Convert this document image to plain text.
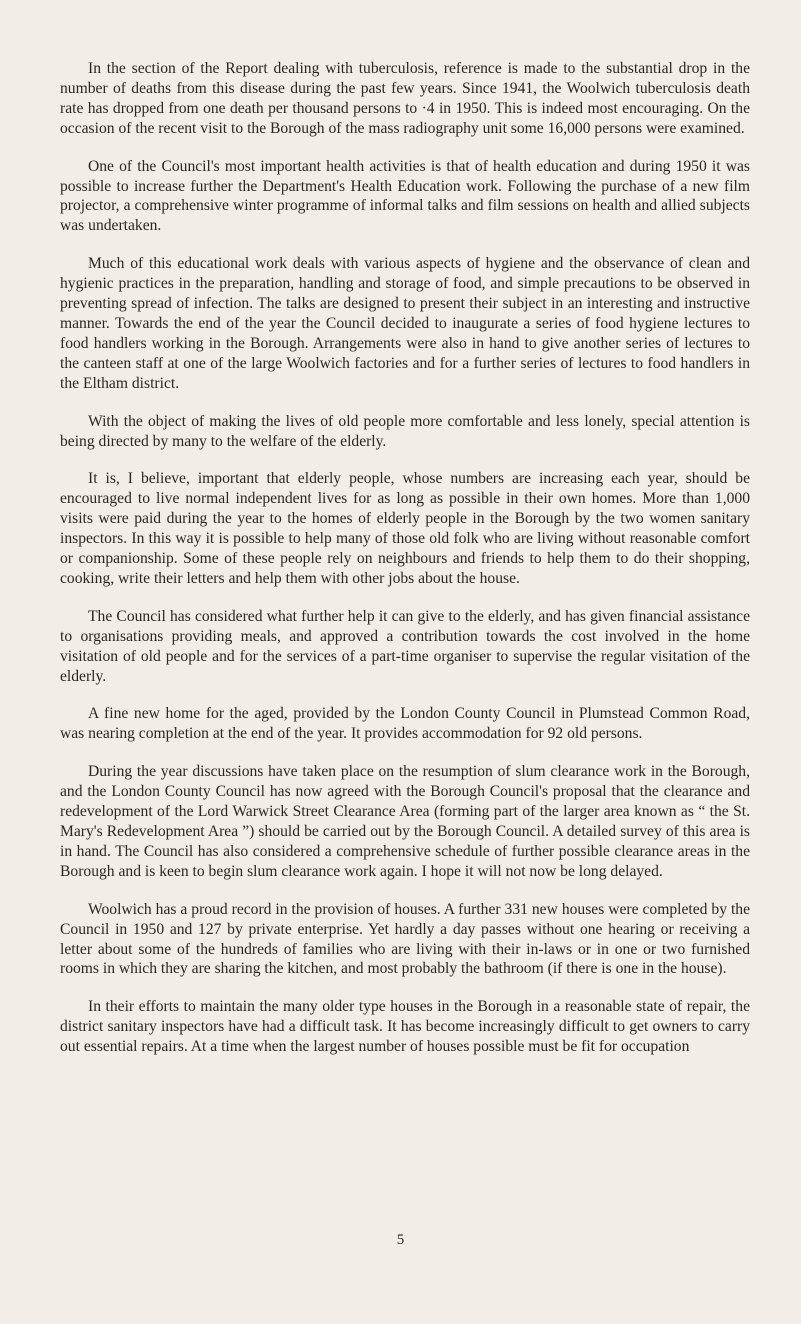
In the section of the Report dealing with tuberculosis, reference is made to the substantial drop in the number of deaths from this disease during the past few years. Since 1941, the Woolwich tuberculosis death rate has dropped from one death per thousand persons to ·4 in 1950. This is indeed most encouraging. On the occasion of the recent visit to the Borough of the mass radiography unit some 16,000 persons were examined.

One of the Council's most important health activities is that of health education and during 1950 it was possible to increase further the Department's Health Education work. Following the purchase of a new film projector, a comprehensive winter programme of informal talks and film sessions on health and allied subjects was undertaken.

Much of this educational work deals with various aspects of hygiene and the observance of clean and hygienic practices in the preparation, handling and storage of food, and simple precautions to be observed in preventing spread of infection. The talks are designed to present their subject in an interesting and instructive manner. Towards the end of the year the Council decided to inaugurate a series of food hygiene lectures to food handlers working in the Borough. Arrangements were also in hand to give another series of lectures to the canteen staff at one of the large Woolwich factories and for a further series of lectures to food handlers in the Eltham district.

With the object of making the lives of old people more comfortable and less lonely, special attention is being directed by many to the welfare of the elderly.

It is, I believe, important that elderly people, whose numbers are increasing each year, should be encouraged to live normal independent lives for as long as possible in their own homes. More than 1,000 visits were paid during the year to the homes of elderly people in the Borough by the two women sanitary inspectors. In this way it is possible to help many of those old folk who are living without reasonable comfort or companionship. Some of these people rely on neighbours and friends to help them to do their shopping, cooking, write their letters and help them with other jobs about the house.

The Council has considered what further help it can give to the elderly, and has given financial assistance to organisations providing meals, and approved a contribution towards the cost involved in the home visitation of old people and for the services of a part-time organiser to supervise the regular visitation of the elderly.

A fine new home for the aged, provided by the London County Council in Plumstead Common Road, was nearing completion at the end of the year. It provides accommodation for 92 old persons.

During the year discussions have taken place on the resumption of slum clearance work in the Borough, and the London County Council has now agreed with the Borough Council's proposal that the clearance and redevelopment of the Lord Warwick Street Clearance Area (forming part of the larger area known as “ the St. Mary's Redevelopment Area ”) should be carried out by the Borough Council. A detailed survey of this area is in hand. The Council has also considered a comprehensive schedule of further possible clearance areas in the Borough and is keen to begin slum clearance work again. I hope it will not now be long delayed.

Woolwich has a proud record in the provision of houses. A further 331 new houses were completed by the Council in 1950 and 127 by private enterprise. Yet hardly a day passes without one hearing or receiving a letter about some of the hundreds of families who are living with their in-laws or in one or two furnished rooms in which they are sharing the kitchen, and most probably the bathroom (if there is one in the house).

In their efforts to maintain the many older type houses in the Borough in a reasonable state of repair, the district sanitary inspectors have had a difficult task. It has become increasingly difficult to get owners to carry out essential repairs. At a time when the largest number of houses possible must be fit for occupation

5
